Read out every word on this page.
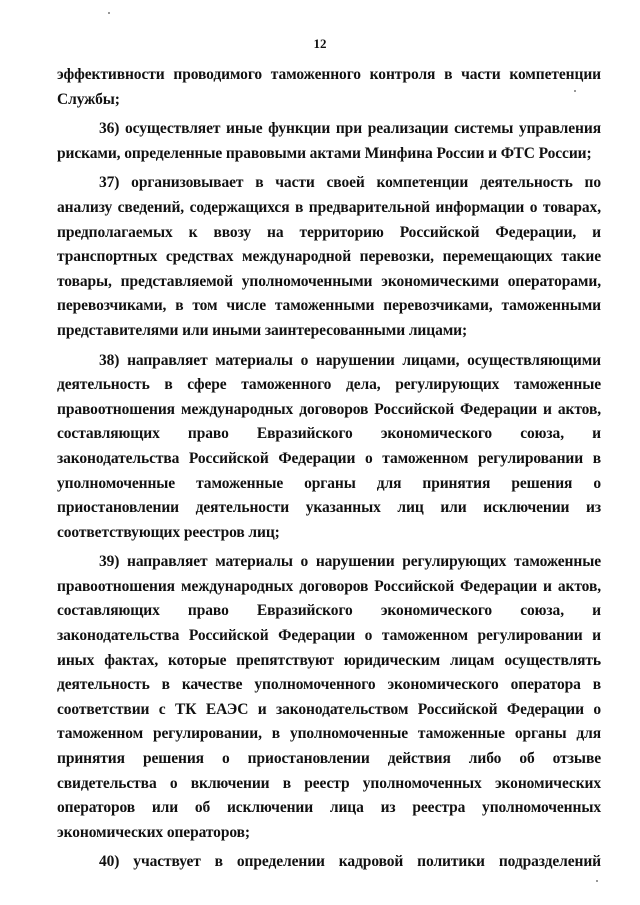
12

эффективности проводимого таможенного контроля в части компетенции Службы;

36) осуществляет иные функции при реализации системы управления рисками, определенные правовыми актами Минфина России и ФТС России;

37) организовывает в части своей компетенции деятельность по анализу сведений, содержащихся в предварительной информации о товарах, предполагаемых к ввозу на территорию Российской Федерации, и транспортных средствах международной перевозки, перемещающих такие товары, представляемой уполномоченными экономическими операторами, перевозчиками, в том числе таможенными перевозчиками, таможенными представителями или иными заинтересованными лицами;

38) направляет материалы о нарушении лицами, осуществляющими деятельность в сфере таможенного дела, регулирующих таможенные правоотношения международных договоров Российской Федерации и актов, составляющих право Евразийского экономического союза, и законодательства Российской Федерации о таможенном регулировании в уполномоченные таможенные органы для принятия решения о приостановлении деятельности указанных лиц или исключении из соответствующих реестров лиц;

39) направляет материалы о нарушении регулирующих таможенные правоотношения международных договоров Российской Федерации и актов, составляющих право Евразийского экономического союза, и законодательства Российской Федерации о таможенном регулировании и иных фактах, которые препятствуют юридическим лицам осуществлять деятельность в качестве уполномоченного экономического оператора в соответствии с ТК ЕАЭС и законодательством Российской Федерации о таможенном регулировании, в уполномоченные таможенные органы для принятия решения о приостановлении действия либо об отзыве свидетельства о включении в реестр уполномоченных экономических операторов или об исключении лица из реестра уполномоченных экономических операторов;

40) участвует в определении кадровой политики подразделений
